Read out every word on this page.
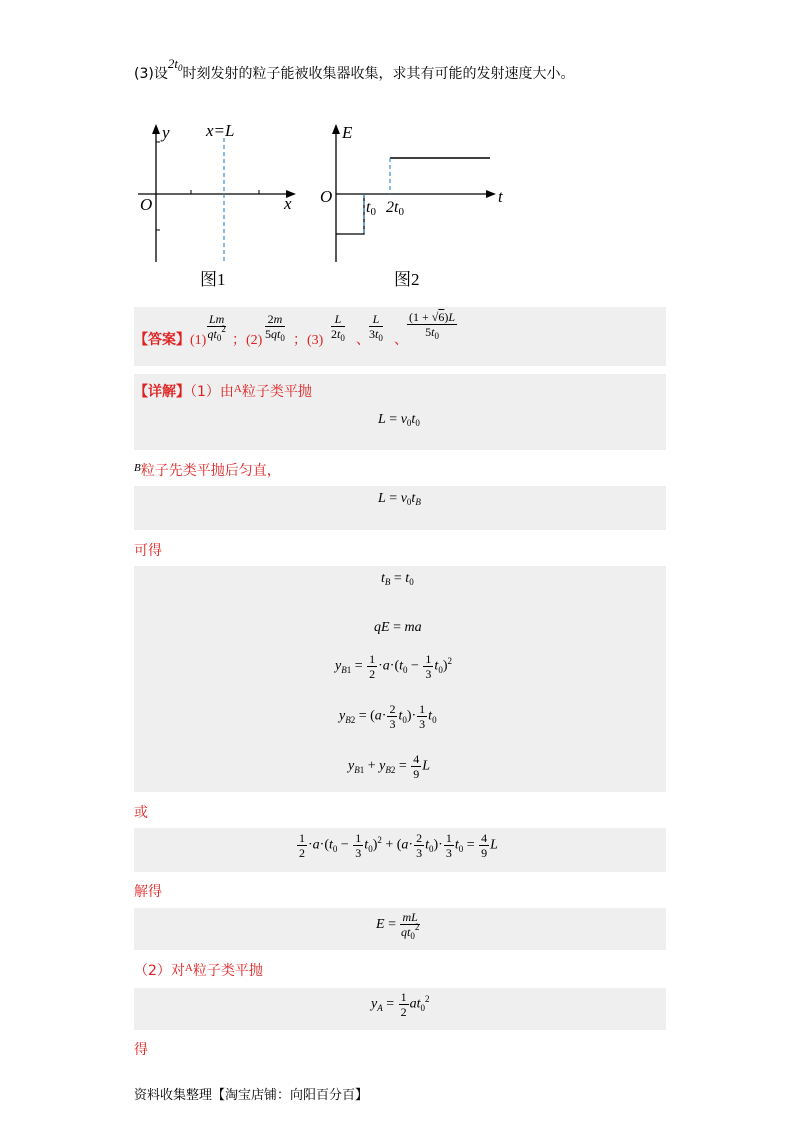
(3)设$2t_0$时刻发射的粒子能被收集器收集，求其有可能的发射速度大小。
y
x
O
x=L
图1
E
t
O
t0 2t0
图2
【答案】$(1) \frac{Lm}{qt_0^2}$ ；$(2) \frac{2m}{5qt_0}$ ；$(3) \frac{L}{2t_0}$ 、 $\frac{L}{3t_0}$ 、 $\frac{(1 + √6)L}{5t_0}$
【详解】（1）由$^A$粒子类平抛
$L = v_0t_0$
$^B$粒子先类平抛后匀直，
$L = v_0t_B$
可得
$t_B = t_0$
qE = ma
$y_{B1} = \frac{1}{2} \cdot a\cdot(t_0 - \frac{1}{3} t_0)^2$
$y_{B2} = (a\cdot \frac{2}{3} t_0)\cdot \frac{1}{3} t_0$
$y_{B1} + y_{B2} = \frac{4}{9}$ L
或
$\frac{1}{2} \cdot a\cdot(t_0 - \frac{1}{3} t_0)^2 + (a\cdot \frac{2}{3} t_0)\cdot \frac{1}{3} t_0 = \frac{4}{9}$ L
解得
$E = \frac{mL}{qt_0^2}$
（2）对$^A$粒子类平抛
$y_A = \frac{1}{2} at_0^2$
得
资料收集整理【淘宝店铺：向阳百分百】
